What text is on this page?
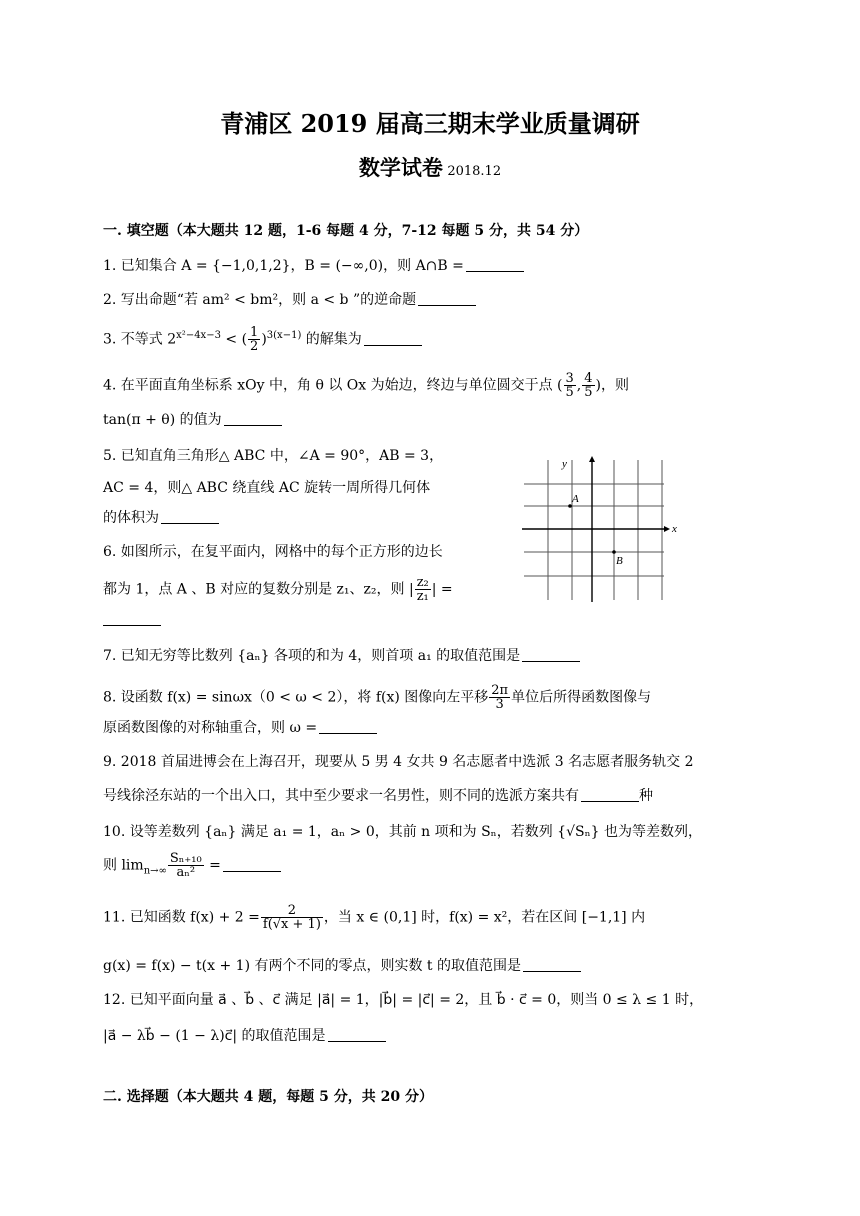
青浦区 2019 届高三期末学业质量调研
数学试卷 2018.12
一. 填空题（本大题共 12 题，1-6 每题 4 分，7-12 每题 5 分，共 54 分）
1. 已知集合 A = {−1,0,1,2}，B = (−∞,0)，则 A∩B =
2. 写出命题“若 am² < bm²，则 a < b ”的逆命题
3. 不等式 $2^{x^2-4x-3}$ < ( $\frac{1}{2} )^{3(x-1)}$ 的解集为
4. 在平面直角坐标系 xOy 中，角 θ 以 Ox 为始边，终边与单位圆交于点 ( $\frac{3}{5}$ , $\frac{4}{5}$ )，则
tan(π + θ) 的值为
5. 已知直角三角形△ ABC 中，∠A = 90°，AB = 3，
AC = 4，则△ ABC 绕直线 AC 旋转一周所得几何体
的体积为
6. 如图所示，在复平面内，网格中的每个正方形的边长
都为 1，点 A 、B 对应的复数分别是 z₁、z₂，则 | $\frac{\text{z₂}}{\text{z₁}}$ | =
x
y
A
B
7. 已知无穷等比数列 {aₙ} 各项的和为 4，则首项 a₁ 的取值范围是
8. 设函数 f(x) = sinωx（0 < ω < 2），将 f(x) 图像向左平移 $\frac{2\pi}{3}$ 单位后所得函数图像与
原函数图像的对称轴重合，则 ω =
9. 2018 首届进博会在上海召开，现要从 5 男 4 女共 9 名志愿者中选派 3 名志愿者服务轨交 2
号线徐泾东站的一个出入口，其中至少要求一名男性，则不同的选派方案共有	种
10. 设等差数列 {aₙ} 满足 a₁ = 1，aₙ > 0，其前 n 项和为 Sₙ，若数列 {√Sₙ} 也为等差数列，
则 $\lim_{n\to\infty} \frac{\text{Sₙ₊₁₀}}{\text{aₙ²}}$ =
11. 已知函数 $f(x) + 2 = \frac{2}{f(√x + 1)}$ ，当 x ∈ (0,1] 时，f(x) = x²，若在区间 [−1,1] 内
g(x) = f(x) − t(x + 1) 有两个不同的零点，则实数 t 的取值范围是
12. 已知平面向量 a⃗ 、b⃗ 、c⃗ 满足 |a⃗| = 1，|b⃗| = |c⃗| = 2，且 b⃗ · c⃗ = 0，则当 0 ≤ λ ≤ 1 时，
|a⃗ − λb⃗ − (1 − λ)c⃗| 的取值范围是
二. 选择题（本大题共 4 题，每题 5 分，共 20 分）
